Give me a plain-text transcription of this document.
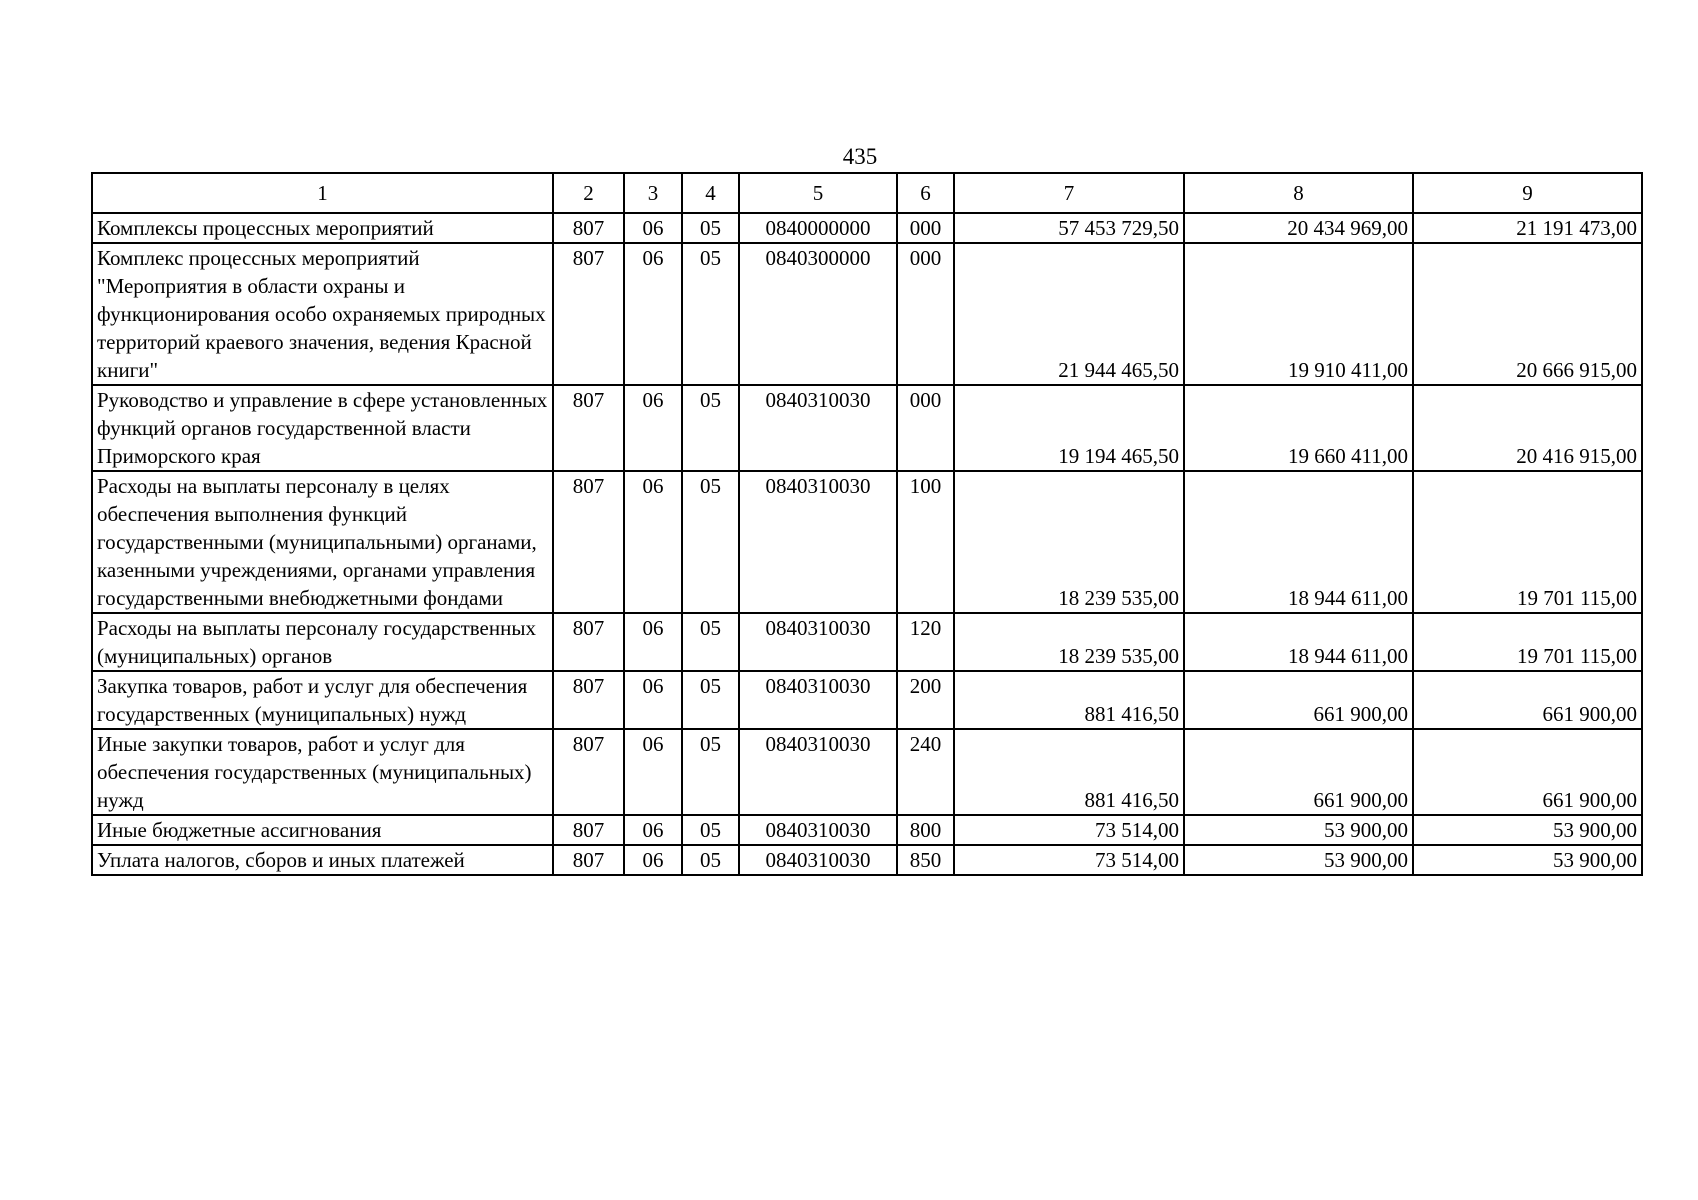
435
1	2	3	4	5	6	7	8	9
Комплексы процессных мероприятий	807	06	05	0840000000	000	57 453 729,50	20 434 969,00	21 191 473,00
Комплекс процессных мероприятий "Мероприятия в области охраны и функционирования особо охраняемых природных территорий краевого значения, ведения Красной книги"	807	06	05	0840300000	000	21 944 465,50	19 910 411,00	20 666 915,00
Руководство и управление в сфере установленных функций органов государственной власти Приморского края	807	06	05	0840310030	000	19 194 465,50	19 660 411,00	20 416 915,00
Расходы на выплаты персоналу в целях обеспечения выполнения функций государственными (муниципальными) органами, казенными учреждениями, органами управления государственными внебюджетными фондами	807	06	05	0840310030	100	18 239 535,00	18 944 611,00	19 701 115,00
Расходы на выплаты персоналу государственных (муниципальных) органов	807	06	05	0840310030	120	18 239 535,00	18 944 611,00	19 701 115,00
Закупка товаров, работ и услуг для обеспечения государственных (муниципальных) нужд	807	06	05	0840310030	200	881 416,50	661 900,00	661 900,00
Иные закупки товаров, работ и услуг для обеспечения государственных (муниципальных) нужд	807	06	05	0840310030	240	881 416,50	661 900,00	661 900,00
Иные бюджетные ассигнования	807	06	05	0840310030	800	73 514,00	53 900,00	53 900,00
Уплата налогов, сборов и иных платежей	807	06	05	0840310030	850	73 514,00	53 900,00	53 900,00
